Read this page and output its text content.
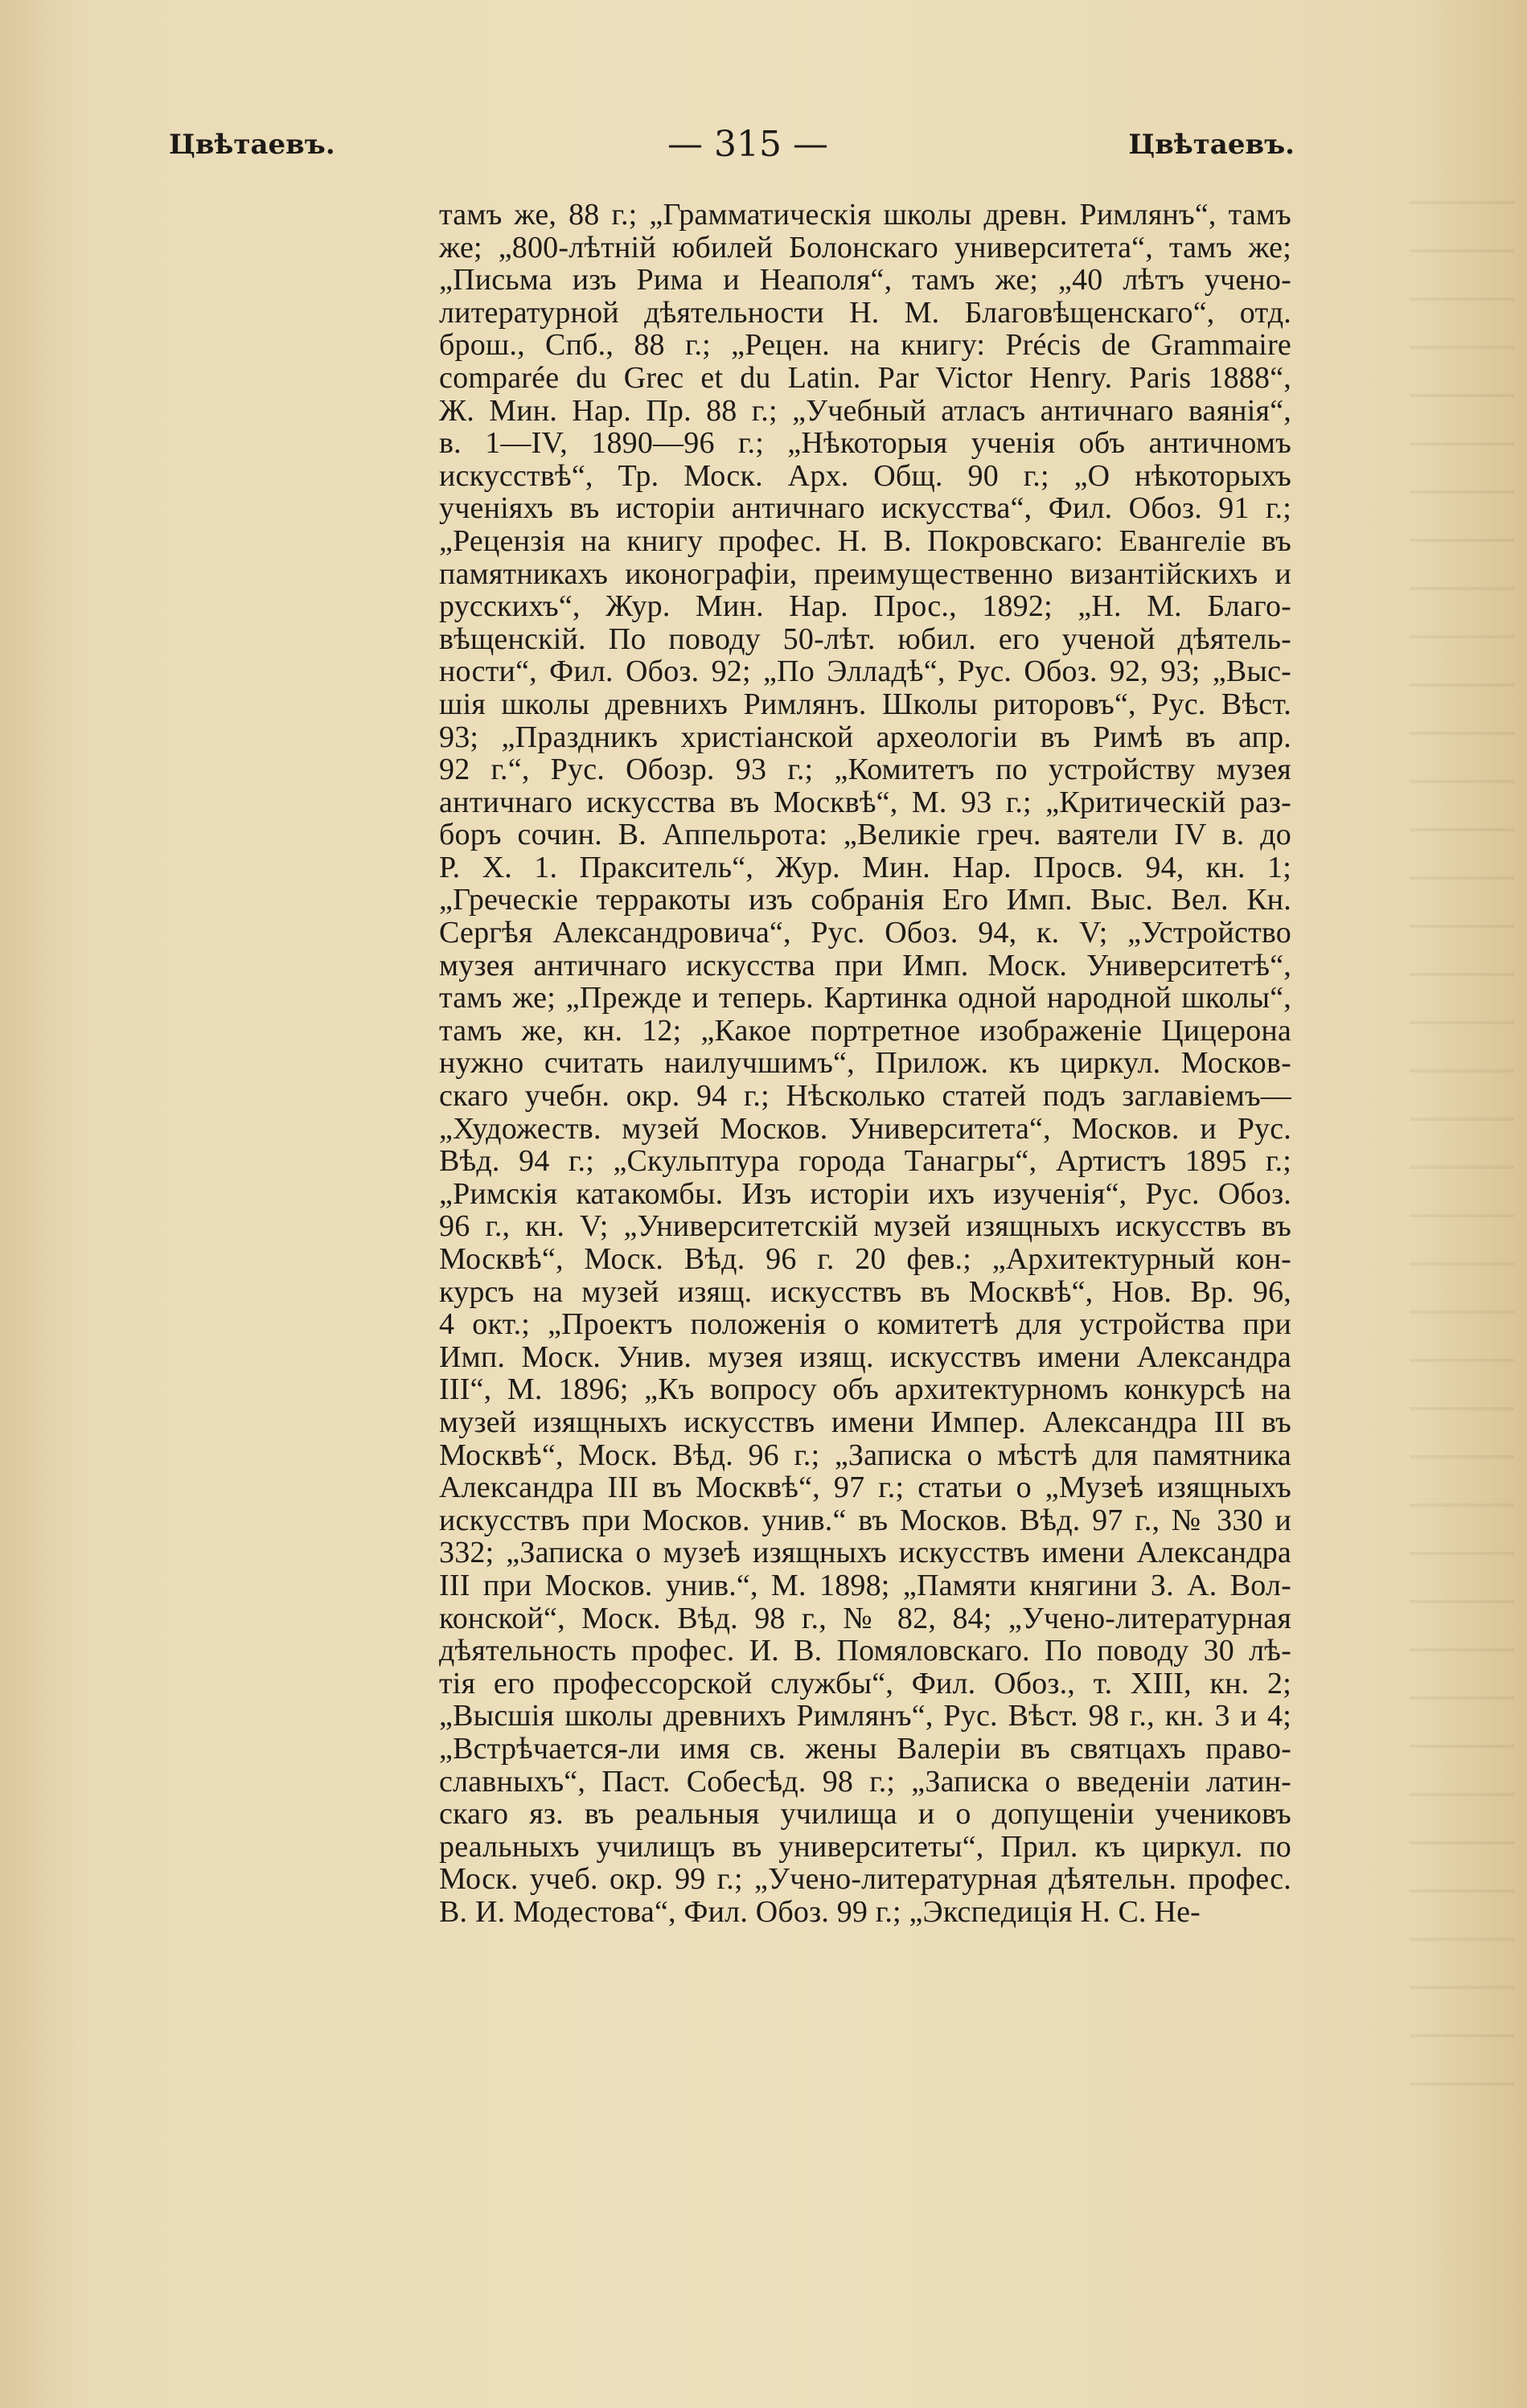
Цвѣтаевъ.	— 315 —	Цвѣтаевъ.
тамъ же, 88 г.; „Грамматическія школы древн. Римлянъ“, тамъ
же; „800-лѣтній юбилей Болонскаго университета“, тамъ же;
„Письма изъ Рима и Неаполя“, тамъ же; „40 лѣтъ учено-
литературной дѣятельности Н. М. Благовѣщенскаго“, отд.
брош., Спб., 88 г.; „Рецен. на книгу: Précis de Grammaire
comparée du Grec et du Latin. Par Victor Henry. Paris 1888“,
Ж. Мин. Нар. Пр. 88 г.; „Учебный атласъ античнаго ваянія“,
в. 1—IV, 1890—96 г.; „Нѣкоторыя ученія объ античномъ
искусствѣ“, Тр. Моск. Арх. Общ. 90 г.; „О нѣкоторыхъ
ученіяхъ въ исторіи античнаго искусства“, Фил. Обоз. 91 г.;
„Рецензія на книгу профес. Н. В. Покровскаго: Евангеліе въ
памятникахъ иконографіи, преимущественно византійскихъ и
русскихъ“, Жур. Мин. Нар. Прос., 1892; „Н. М. Благо-
вѣщенскій. По поводу 50-лѣт. юбил. его ученой дѣятель-
ности“, Фил. Обоз. 92; „По Элладѣ“, Рус. Обоз. 92, 93; „Выс-
шія школы древнихъ Римлянъ. Школы риторовъ“, Рус. Вѣст.
93; „Праздникъ христіанской археологіи въ Римѣ въ апр.
92 г.“, Рус. Обозр. 93 г.; „Комитетъ по устройству музея
античнаго искусства въ Москвѣ“, М. 93 г.; „Критическій раз-
боръ сочин. В. Аппельрота: „Великіе греч. ваятели IV в. до
Р. Х. 1. Пракситель“, Жур. Мин. Нар. Просв. 94, кн. 1;
„Греческіе терракоты изъ собранія Его Имп. Выс. Вел. Кн.
Сергѣя Александровича“, Рус. Обоз. 94, к. V; „Устройство
музея античнаго искусства при Имп. Моск. Университетѣ“,
тамъ же; „Прежде и теперь. Картинка одной народной школы“,
тамъ же, кн. 12; „Какое портретное изображеніе Цицерона
нужно считать наилучшимъ“, Прилож. къ циркул. Москов-
скаго учебн. окр. 94 г.; Нѣсколько статей подъ заглавіемъ—
„Художеств. музей Москов. Университета“, Москов. и Рус.
Вѣд. 94 г.; „Скульптура города Танагры“, Артистъ 1895 г.;
„Римскія катакомбы. Изъ исторіи ихъ изученія“, Рус. Обоз.
96 г., кн. V; „Университетскій музей изящныхъ искусствъ въ
Москвѣ“, Моск. Вѣд. 96 г. 20 фев.; „Архитектурный кон-
курсъ на музей изящ. искусствъ въ Москвѣ“, Нов. Вр. 96,
4 окт.; „Проектъ положенія о комитетѣ для устройства при
Имп. Моск. Унив. музея изящ. искусствъ имени Александра
III“, М. 1896; „Къ вопросу объ архитектурномъ конкурсѣ на
музей изящныхъ искусствъ имени Импер. Александра III въ
Москвѣ“, Моск. Вѣд. 96 г.; „Записка о мѣстѣ для памятника
Александра III въ Москвѣ“, 97 г.; статьи о „Музеѣ изящныхъ
искусствъ при Москов. унив.“ въ Москов. Вѣд. 97 г., № 330 и
332; „Записка о музеѣ изящныхъ искусствъ имени Александра
III при Москов. унив.“, М. 1898; „Памяти княгини З. А. Вол-
конской“, Моск. Вѣд. 98 г., № 82, 84; „Учено-литературная
дѣятельность профес. И. В. Помяловскаго. По поводу 30 лѣ-
тія его профессорской службы“, Фил. Обоз., т. XIII, кн. 2;
„Высшія школы древнихъ Римлянъ“, Рус. Вѣст. 98 г., кн. 3 и 4;
„Встрѣчается-ли имя св. жены Валеріи въ святцахъ право-
славныхъ“, Паст. Собесѣд. 98 г.; „Записка о введеніи латин-
скаго яз. въ реальныя училища и о допущеніи учениковъ
реальныхъ училищъ въ университеты“, Прил. къ циркул. по
Моск. учеб. окр. 99 г.; „Учено-литературная дѣятельн. профес.
В. И. Модестова“, Фил. Обоз. 99 г.; „Экспедиція Н. С. Не-
